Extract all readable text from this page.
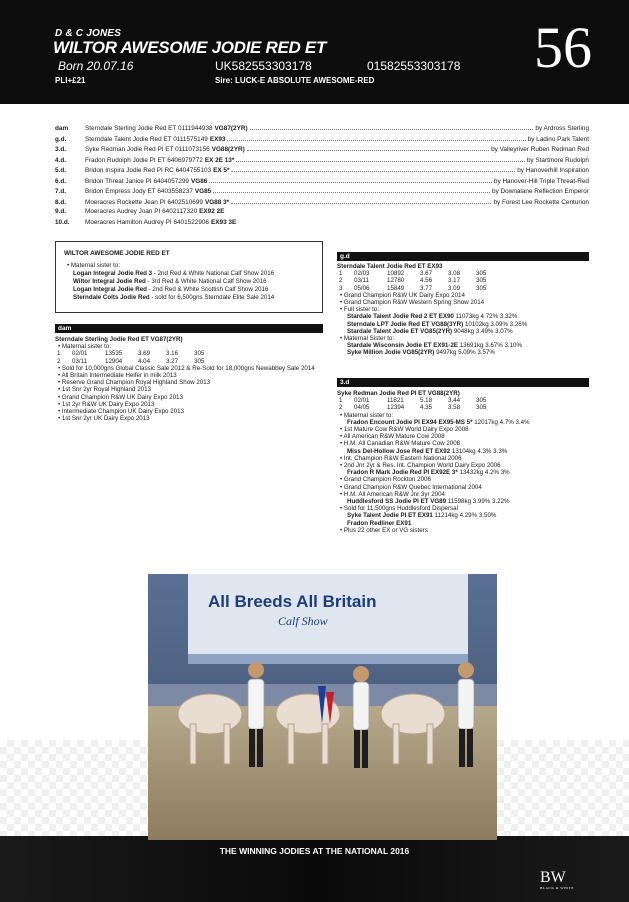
D & C JONES
WILTOR AWESOME JODIE RED ET
Born 20.07.16	UK582553303178	01582553303178
PLI+£21	Sire: LUCK-E ABSOLUTE AWESOME-RED
56
dam	Sterndale Sterling Jodie Red ET 0111944938 VG87(2YR)	by Ardross Sterling
g.d.	Sterndale Talent Jodie Red ET 0111575149 EX93	by Ladino Park Talent
3.d.	Syke Redman Jodie Red PI ET 0111073156 VG88(2YR)	by Valleyriver Ruben Redman Red
4.d.	Fradon Rudolph Jodie PI ET 6406979772 EX 2E 13*	by Startmore Rudolph
5.d.	Bridon Inspira Jodie Red PI RC 6404755103 EX 5*	by Hanoverhill Inspiration
6.d.	Bridon Threat Janice PI 6404057299 VG86	by Hanover-Hill Triple Threat-Red
7.d.	Bridon Empress Jody ET 6403558237 VG85	by Downalane Reflection Emperor
8.d.	Moeracres Rockette Jean PI 6402510699 VG88 3*	by Forest Lee Rockette Centurion
9.d.	Moeracres Audrey Joan PI 6402117320 EX92 2E
10.d.	Moeracres Hamilton Audrey PI 6401522906 EX93 3E
WILTOR AWESOME JODIE RED ET
• Maternal sister to:
Logan Integral Jodie Red 3 - 2nd Red & White National Calf Show 2016
Wiltor Integral Jodie Red - 3rd Red & White National Calf Show 2016
Logan Integral Jodie Red - 2nd Red & White Scottish Calf Show 2016
Sterndale Colts Jodie Red - sold for 6,500gns Sterndale Elite Sale 2014
dam
Sterndale Sterling Jodie Red ET VG87(2YR)
• Maternal sister to:
1	02/01	13535	3.69	3.16	305
2	03/11	12904	4.04	3.27	305
• Sold for 10,000gns Global Classic Sale 2012 & Re-Sold for 18,000gns Newabbey Sale 2014
• All Britain Intermediate Heifer in milk 2013
• Reserve Grand Champion Royal Highland Show 2013
• 1st Snr 2yr Royal Highland 2013
• Grand Champion R&W UK Dairy Expo 2013
• 1st 2yr R&W UK Dairy Expo 2013
• Intermediate Champion UK Dairy Expo 2013
• 1st Snr 2yr UK Dairy Expo 2013
g.d
Sterndale Talent Jodie Red ET EX93
1	02/03	10892	3.67	3.08	305
2	03/11	12780	4.56	3.17	305
3	05/06	15849	3.77	3.09	305
• Grand Champion R&W UK Dairy Expo 2014
• Grand Champion R&W Western Spring Show 2014
• Full sister to:
Stardale Talent Jodie Red 2 ET EX90 11073kg 4.72% 3.32%
Sterndale LPT Jodie Red ET VG88(3YR) 10102kg 3.09% 3.26%
Stardale Talent Jodie ET VG85(2YR) 9048kg 3.49% 3.07%
• Maternal Sister to:
Stardale Wisconsin Jodie ET EX91-2E 13691kg 3.67% 3.10%
Syke Million Jodie VG85(2YR) 9497kg 5.09% 3.57%
3.d
Syke Redman Jodie Red PI ET VG88(2YR)
1	02/01	11821	5.18	3.44	305
2	04/05	12394	4.35	3.58	305
• Maternal sister to:
Fradon Encount Jodie PI EX94 EX95-MS 5* 12017kg 4.7% 3.4%
• 1st Mature Cow R&W World Dairy Expo 2008
• All American R&W Mature Cow 2008
• H.M. All Canadian R&W Mature Cow 2008
Miss Del-Hollow Jose Red ET EX92 13104kg 4.3% 3.3%
• Int. Champion R&W Eastern National 2006
• 2nd Jnr 2yr & Res. Int. Champion World Dairy Expo 2006
Fradon R Mark Jodie Red PI EX92E 3* 13432kg 4.2% 3%
• Grand Champion Rockton 2006
• Grand Champion R&W Quebec International 2004
• H.M. All American R&W Jnr 3yr 2004
Huddlesford SS Jodie PI ET VG89 11598kg 3.99% 3.22%
• Sold for 11,500gns Huddlesford Dispersal
Syke Talent Jodie PI ET EX91 11214kg 4.29% 3.50%
Fradon Redliner EX91
• Plus 22 other EX or VG sisters
All Breeds All Britain
Calf Show
THE WINNING JODIES AT THE NATIONAL 2016
BW
BLACK & WHITE
